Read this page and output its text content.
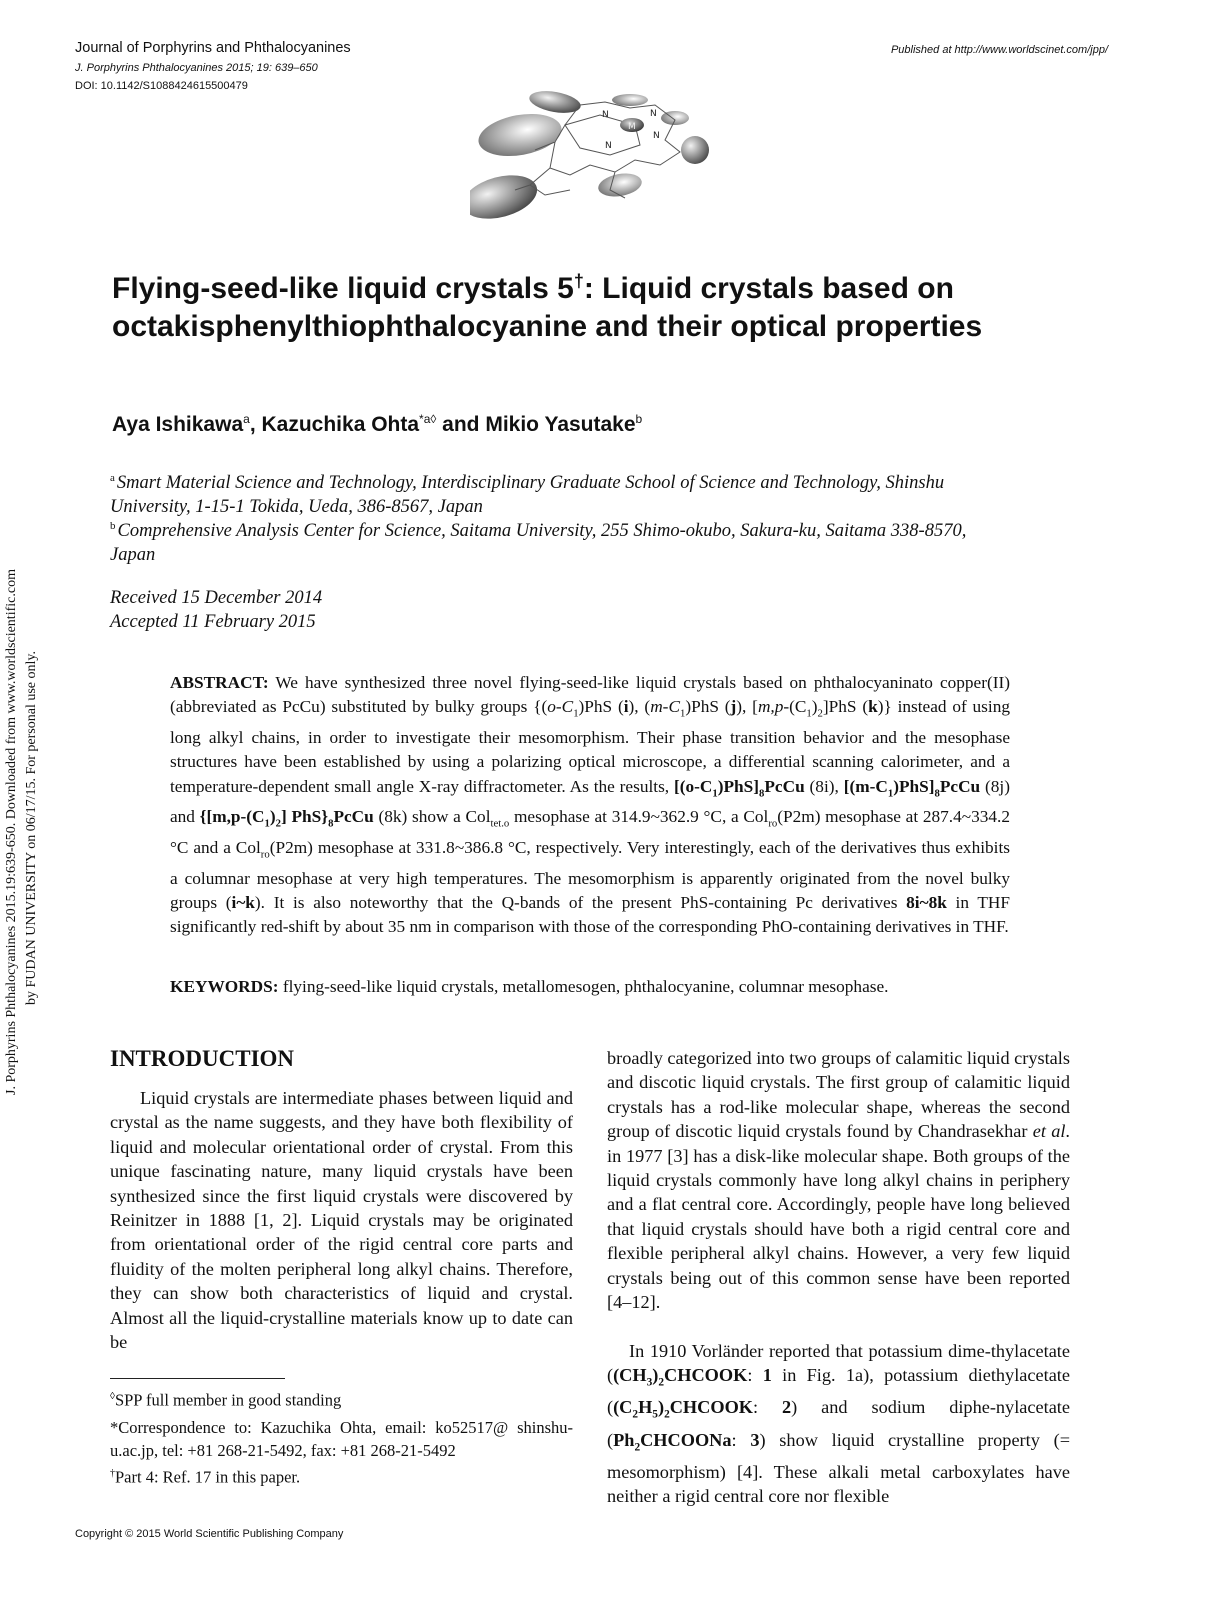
Journal of Porphyrins and Phthalocyanines
J. Porphyrins Phthalocyanines 2015; 19: 639–650
DOI: 10.1142/S1088424615500479
Published at http://www.worldscinet.com/jpp/
M
N	N
N
N
Flying-seed-like liquid crystals 5†: Liquid crystals based on octakisphenylthiophthalocyanine and their optical properties
Aya Ishikawa$^a$, Kazuchika Ohta$^{*a◊}$ and Mikio Yasutake$^b$
$^a$ Smart Material Science and Technology, Interdisciplinary Graduate School of Science and Technology, Shinshu University, 1-15-1 Tokida, Ueda, 386-8567, Japan
$^b$ Comprehensive Analysis Center for Science, Saitama University, 255 Shimo-okubo, Sakura-ku, Saitama 338-8570, Japan
Received 15 December 2014
Accepted 11 February 2015

ABSTRACT: We have synthesized three novel flying-seed-like liquid crystals based on phthalocyaninato copper(II) (abbreviated as PcCu) substituted by bulky groups {$(o-C_1)PhS$ (i), $(m-C_1)PhS$ (j), $[m,p-(C_1)_2]PhS$ (k)} instead of using long alkyl chains, in order to investigate their mesomorphism. Their phase transition behavior and the mesophase structures have been established by using a polarizing optical microscope, a differential scanning calorimeter, and a temperature-dependent small angle X-ray diffractometer. As the results, $[(o-C_1)PhS]_8PcCu$ (8i), $[(m-C_1)PhS]_8PcCu$ (8j) and {$[m,p-(C_1)_2]$ $PhS\}_8PcCu$ (8k) show a Col$_{tet.o}$ mesophase at 314.9~362.9 °C, a Col$_{ro}$(P2m) mesophase at 287.4~334.2 °C and a Col$_{ro}$(P2m) mesophase at 331.8~386.8 °C, respectively. Very interestingly, each of the derivatives thus exhibits a columnar mesophase at very high temperatures. The mesomorphism is apparently originated from the novel bulky groups (i~k). It is also noteworthy that the Q-bands of the present PhS-containing Pc derivatives 8i~8k in THF significantly red-shift by about 35 nm in comparison with those of the corresponding PhO-containing derivatives in THF.

KEYWORDS: flying-seed-like liquid crystals, metallomesogen, phthalocyanine, columnar mesophase.

J. Porphyrins Phthalocyanines 2015.19:639-650. Downloaded from www.worldscientific.com by FUDAN UNIVERSITY on 06/17/15. For personal use only.
INTRODUCTION

Liquid crystals are intermediate phases between liquid and crystal as the name suggests, and they have both flexibility of liquid and molecular orientational order of crystal. From this unique fascinating nature, many liquid crystals have been synthesized since the first liquid crystals were discovered by Reinitzer in 1888 [1, 2]. Liquid crystals may be originated from orientational order of the rigid central core parts and fluidity of the molten peripheral long alkyl chains. Therefore, they can show both characteristics of liquid and crystal. Almost all the liquid-crystalline materials know up to date can be

broadly categorized into two groups of calamitic liquid crystals and discotic liquid crystals. The first group of calamitic liquid crystals has a rod-like molecular shape, whereas the second group of discotic liquid crystals found by Chandrasekhar et al. in 1977 [3] has a disk-like molecular shape. Both groups of the liquid crystals commonly have long alkyl chains in periphery and a flat central core. Accordingly, people have long believed that liquid crystals should have both a rigid central core and flexible peripheral alkyl chains. However, a very few liquid crystals being out of this common sense have been reported [4–12].

In 1910 Vorländer reported that potassium dime-thylacetate ($(CH_3)_2CHCOOK$: 1 in Fig. 1a), potassium diethylacetate ($(C_2H_5)_2CHCOOK$: 2) and sodium diphe-nylacetate ($Ph_2CHCOONa$: 3) show liquid crystalline property (= mesomorphism) [4]. These alkali metal carboxylates have neither a rigid central core nor flexible

◊SPP full member in good standing
*Correspondence to: Kazuchika Ohta, email: ko52517@ shinshu-u.ac.jp, tel: +81 268-21-5492, fax: +81 268-21-5492
†Part 4: Ref. 17 in this paper.
Copyright © 2015 World Scientific Publishing Company
